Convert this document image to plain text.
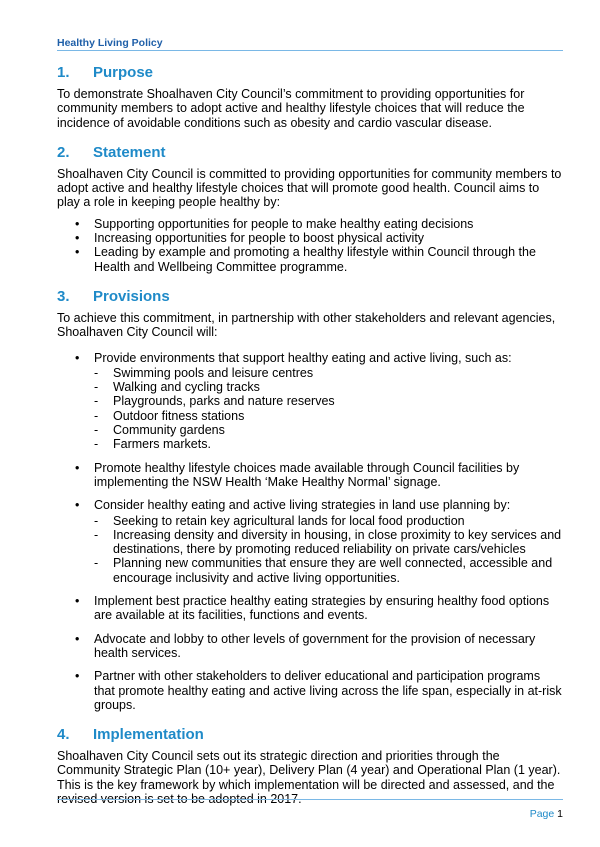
Healthy Living Policy
1.	Purpose

To demonstrate Shoalhaven City Council’s commitment to providing opportunities for community members to adopt active and healthy lifestyle choices that will reduce the incidence of avoidable conditions such as obesity and cardio vascular disease.

2.	Statement

Shoalhaven City Council is committed to providing opportunities for community members to adopt active and healthy lifestyle choices that will promote good health. Council aims to play a role in keeping people healthy by:

• Supporting opportunities for people to make healthy eating decisions
• Increasing opportunities for people to boost physical activity
• Leading by example and promoting a healthy lifestyle within Council through the Health and Wellbeing Committee programme.
3.	Provisions

To achieve this commitment, in partnership with other stakeholders and relevant agencies, Shoalhaven City Council will:

• Provide environments that support healthy eating and active living, such as:
- Swimming pools and leisure centres
- Walking and cycling tracks
- Playgrounds, parks and nature reserves
- Outdoor fitness stations
- Community gardens
- Farmers markets.
• Promote healthy lifestyle choices made available through Council facilities by implementing the NSW Health ‘Make Healthy Normal’ signage.
• Consider healthy eating and active living strategies in land use planning by:
- Seeking to retain key agricultural lands for local food production
- Increasing density and diversity in housing, in close proximity to key services and destinations, there by promoting reduced reliability on private cars/vehicles
- Planning new communities that ensure they are well connected, accessible and encourage inclusivity and active living opportunities.
• Implement best practice healthy eating strategies by ensuring healthy food options are available at its facilities, functions and events.
• Advocate and lobby to other levels of government for the provision of necessary health services.
• Partner with other stakeholders to deliver educational and participation programs that promote healthy eating and active living across the life span, especially in at-risk groups.
4.	Implementation

Shoalhaven City Council sets out its strategic direction and priorities through the Community Strategic Plan (10+ year), Delivery Plan (4 year) and Operational Plan (1 year). This is the key framework by which implementation will be directed and assessed, and the revised version is set to be adopted in 2017.

Page 1
